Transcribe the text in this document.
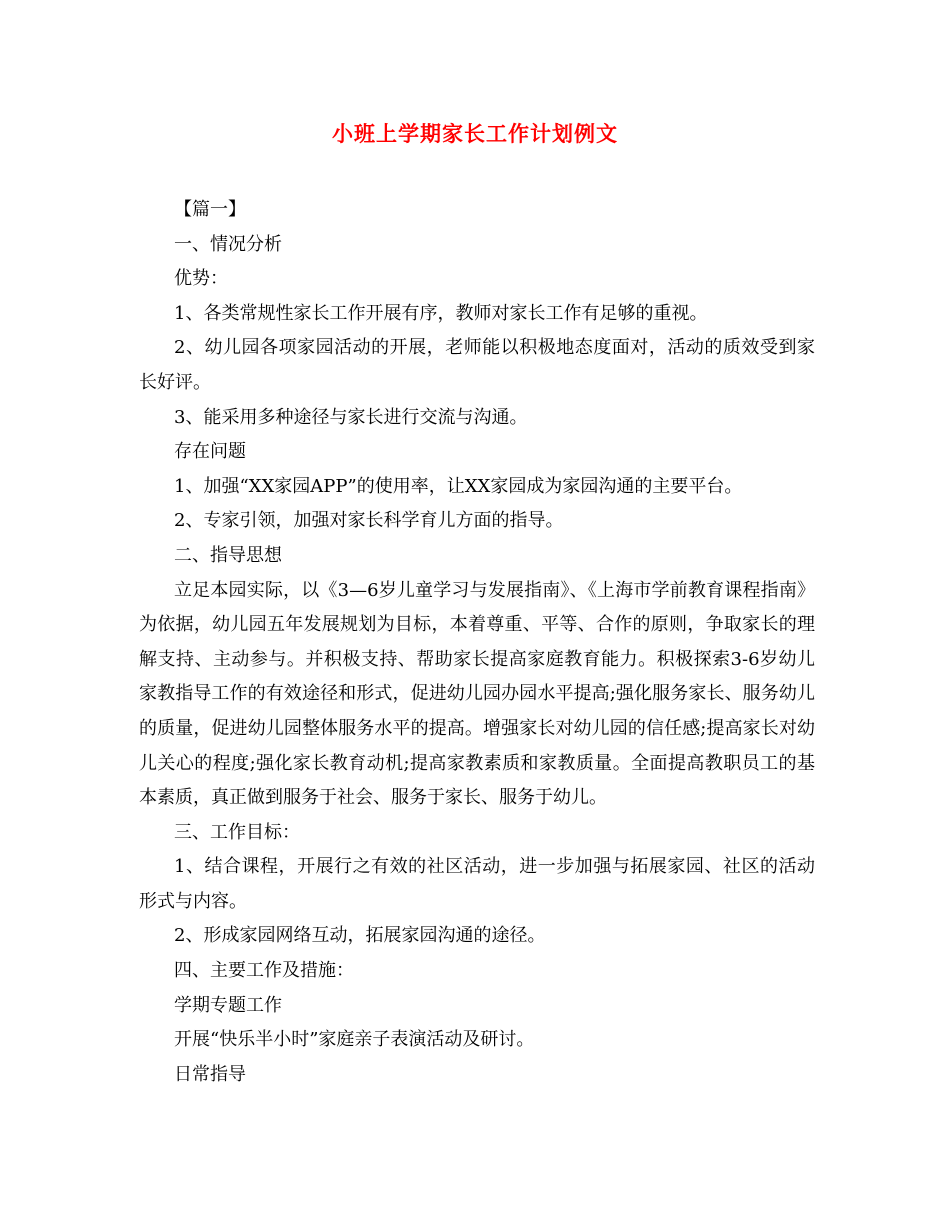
小班上学期家长工作计划例文

【篇一】

一、情况分析

优势：

1、各类常规性家长工作开展有序，教师对家长工作有足够的重视。

2、幼儿园各项家园活动的开展，老师能以积极地态度面对，活动的质效受到家长好评。

3、能采用多种途径与家长进行交流与沟通。

存在问题

1、加强“XX家园APP”的使用率，让XX家园成为家园沟通的主要平台。

2、专家引领，加强对家长科学育儿方面的指导。

二、指导思想

立足本园实际，以《3—6岁儿童学习与发展指南》、《上海市学前教育课程指南》为依据，幼儿园五年发展规划为目标，本着尊重、平等、合作的原则，争取家长的理解支持、主动参与。并积极支持、帮助家长提高家庭教育能力。积极探索3-6岁幼儿家教指导工作的有效途径和形式，促进幼儿园办园水平提高;强化服务家长、服务幼儿的质量，促进幼儿园整体服务水平的提高。增强家长对幼儿园的信任感;提高家长对幼儿关心的程度;强化家长教育动机;提高家教素质和家教质量。全面提高教职员工的基本素质，真正做到服务于社会、服务于家长、服务于幼儿。

三、工作目标：

1、结合课程，开展行之有效的社区活动，进一步加强与拓展家园、社区的活动形式与内容。

2、形成家园网络互动，拓展家园沟通的途径。

四、主要工作及措施：

学期专题工作

开展“快乐半小时”家庭亲子表演活动及研讨。

日常指导
